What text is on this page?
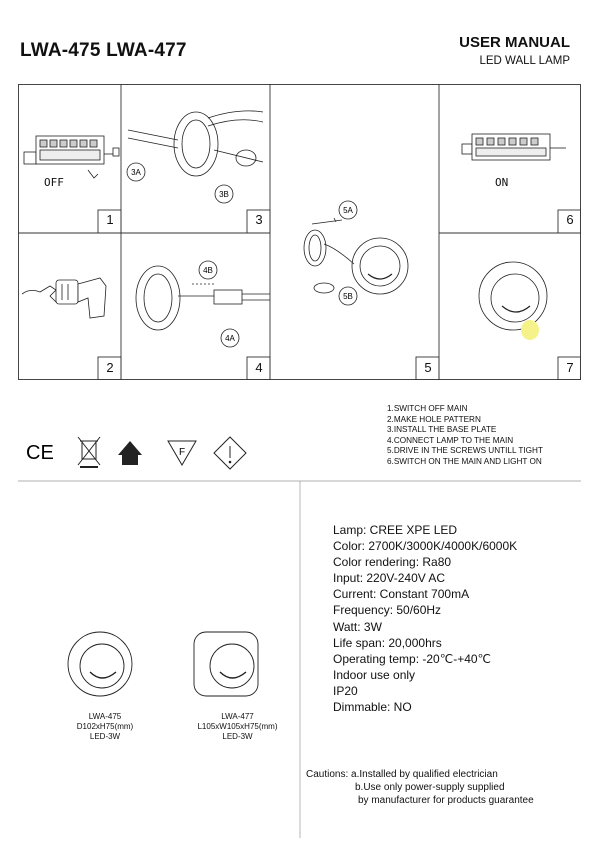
LWA-475 LWA-477	USER MANUAL
LED WALL LAMP
3A
3B
4B
4A
5A
5B
1	3	6
2	4	5	7
OFF	ON
1.SWITCH OFF MAIN
2.MAKE HOLE PATTERN
3.INSTALL THE BASE PLATE
4.CONNECT LAMP TO THE MAIN
5.DRIVE IN THE SCREWS UNTILL TIGHT
6.SWITCH ON THE MAIN AND LIGHT ON
CE	F
LWA-475
D102xH75(mm)
LED-3W
LWA-477
L105xW105xH75(mm)
LED-3W
Lamp: CREE XPE LED
Color: 2700K/3000K/4000K/6000K
Color rendering: Ra80
Input: 220V-240V AC
Current: Constant 700mA
Frequency: 50/60Hz
Watt: 3W
Life span: 20,000hrs
Operating temp: -20℃-+40℃
Indoor use only
IP20
Dimmable: NO
Cautions: a.Installed by qualified electrician
b.Use only power-supply supplied
by manufacturer for products guarantee
